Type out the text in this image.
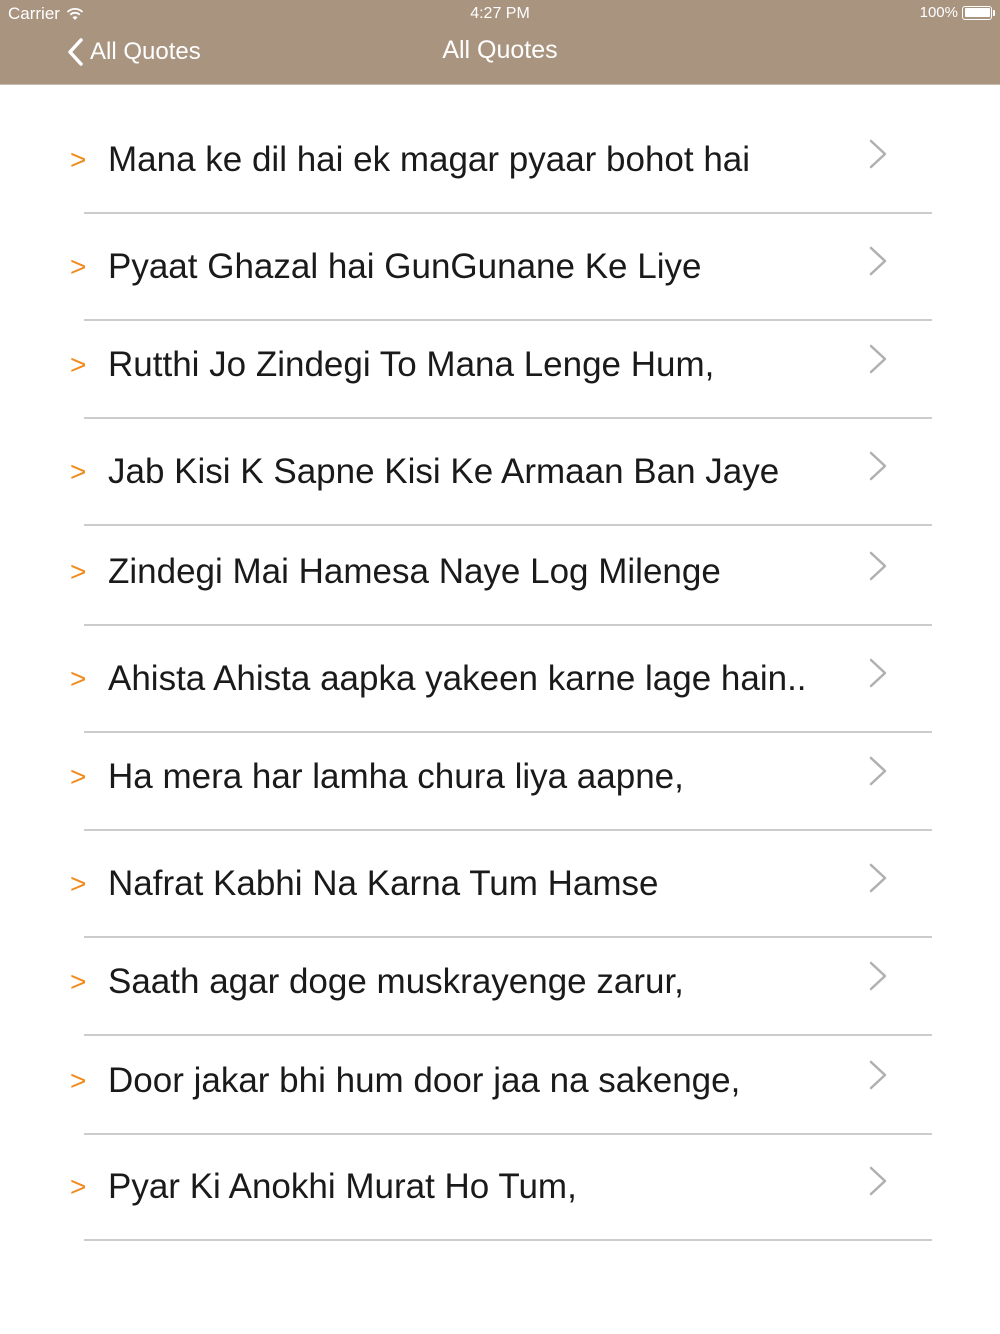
Carrier	4:27 PM	100%
All Quotes	All Quotes
> Mana ke dil hai ek magar pyaar bohot hai
> Pyaat Ghazal hai GunGunane Ke Liye
> Rutthi Jo Zindegi To Mana Lenge Hum,
> Jab Kisi K Sapne Kisi Ke Armaan Ban Jaye
> Zindegi Mai Hamesa Naye Log Milenge
> Ahista Ahista aapka yakeen karne lage hain..
> Ha mera har lamha chura liya aapne,
> Nafrat Kabhi Na Karna Tum Hamse
> Saath agar doge muskrayenge zarur,
> Door jakar bhi hum door jaa na sakenge,
> Pyar Ki Anokhi Murat Ho Tum,
